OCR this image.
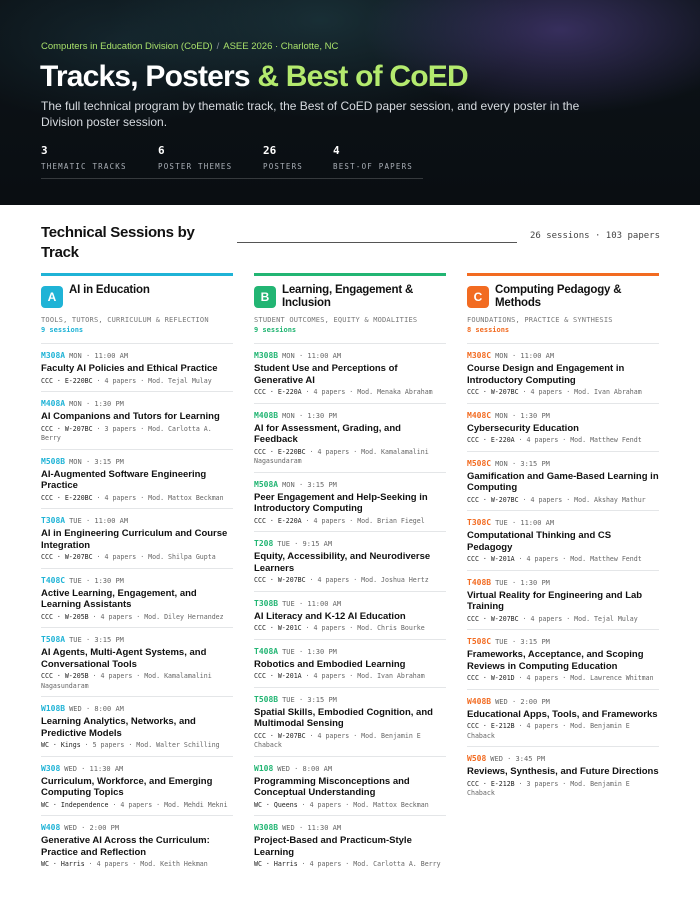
Computers in Education Division (CoED) / ASEE 2026 · Charlotte, NC
Tracks, Posters & Best of CoED

The full technical program by thematic track, the Best of CoED paper session, and every poster in the Division poster session.

3
THEMATIC TRACKS
6
POSTER THEMES
26
POSTERS
4
BEST-OF PAPERS
Technical Sessions by Track
26 sessions · 103 papers
A	AI in Education
TOOLS, TUTORS, CURRICULUM & REFLECTION
9 sessions
M308A MON · 11:00 AM
Faculty AI Policies and Ethical Practice
CCC · E-220BC · 4 papers · Mod. Tejal Mulay
M408A MON · 1:30 PM
AI Companions and Tutors for Learning
CCC · W-207BC · 3 papers · Mod. Carlotta A. Berry
M508B MON · 3:15 PM
AI-Augmented Software Engineering Practice
CCC · E-220BC · 4 papers · Mod. Mattox Beckman
T308A TUE · 11:00 AM
AI in Engineering Curriculum and Course Integration
CCC · W-207BC · 4 papers · Mod. Shilpa Gupta
T408C TUE · 1:30 PM
Active Learning, Engagement, and Learning Assistants
CCC · W-205B · 4 papers · Mod. Diley Hernandez
T508A TUE · 3:15 PM
AI Agents, Multi-Agent Systems, and Conversational Tools
CCC · W-205B · 4 papers · Mod. Kamalamalini Nagasundaram
W108B WED · 8:00 AM
Learning Analytics, Networks, and Predictive Models
WC · Kings · 5 papers · Mod. Walter Schilling
W308 WED · 11:30 AM
Curriculum, Workforce, and Emerging Computing Topics
WC · Independence · 4 papers · Mod. Mehdi Mekni
W408 WED · 2:00 PM
Generative AI Across the Curriculum: Practice and Reflection
WC · Harris · 4 papers · Mod. Keith Hekman
B	Learning, Engagement & Inclusion
STUDENT OUTCOMES, EQUITY & MODALITIES
9 sessions
M308B MON · 11:00 AM
Student Use and Perceptions of Generative AI
CCC · E-220A · 4 papers · Mod. Menaka Abraham
M408B MON · 1:30 PM
AI for Assessment, Grading, and Feedback
CCC · E-220BC · 4 papers · Mod. Kamalamalini Nagasundaram
M508A MON · 3:15 PM
Peer Engagement and Help-Seeking in Introductory Computing
CCC · E-220A · 4 papers · Mod. Brian Fiegel
T208 TUE · 9:15 AM
Equity, Accessibility, and Neurodiverse Learners
CCC · W-207BC · 4 papers · Mod. Joshua Hertz
T308B TUE · 11:00 AM
AI Literacy and K-12 AI Education
CCC · W-201C · 4 papers · Mod. Chris Bourke
T408A TUE · 1:30 PM
Robotics and Embodied Learning
CCC · W-201A · 4 papers · Mod. Ivan Abraham
T508B TUE · 3:15 PM
Spatial Skills, Embodied Cognition, and Multimodal Sensing
CCC · W-207BC · 4 papers · Mod. Benjamin E Chaback
W108 WED · 8:00 AM
Programming Misconceptions and Conceptual Understanding
WC · Queens · 4 papers · Mod. Mattox Beckman
W308B WED · 11:30 AM
Project-Based and Practicum-Style Learning
WC · Harris · 4 papers · Mod. Carlotta A. Berry
C	Computing Pedagogy & Methods
FOUNDATIONS, PRACTICE & SYNTHESIS
8 sessions
M308C MON · 11:00 AM
Course Design and Engagement in Introductory Computing
CCC · W-207BC · 4 papers · Mod. Ivan Abraham
M408C MON · 1:30 PM
Cybersecurity Education
CCC · E-220A · 4 papers · Mod. Matthew Fendt
M508C MON · 3:15 PM
Gamification and Game-Based Learning in Computing
CCC · W-207BC · 4 papers · Mod. Akshay Mathur
T308C TUE · 11:00 AM
Computational Thinking and CS Pedagogy
CCC · W-201A · 4 papers · Mod. Matthew Fendt
T408B TUE · 1:30 PM
Virtual Reality for Engineering and Lab Training
CCC · W-207BC · 4 papers · Mod. Tejal Mulay
T508C TUE · 3:15 PM
Frameworks, Acceptance, and Scoping Reviews in Computing Education
CCC · W-201D · 4 papers · Mod. Lawrence Whitman
W408B WED · 2:00 PM
Educational Apps, Tools, and Frameworks
CCC · E-212B · 4 papers · Mod. Benjamin E Chaback
W508 WED · 3:45 PM
Reviews, Synthesis, and Future Directions
CCC · E-212B · 3 papers · Mod. Benjamin E Chaback
